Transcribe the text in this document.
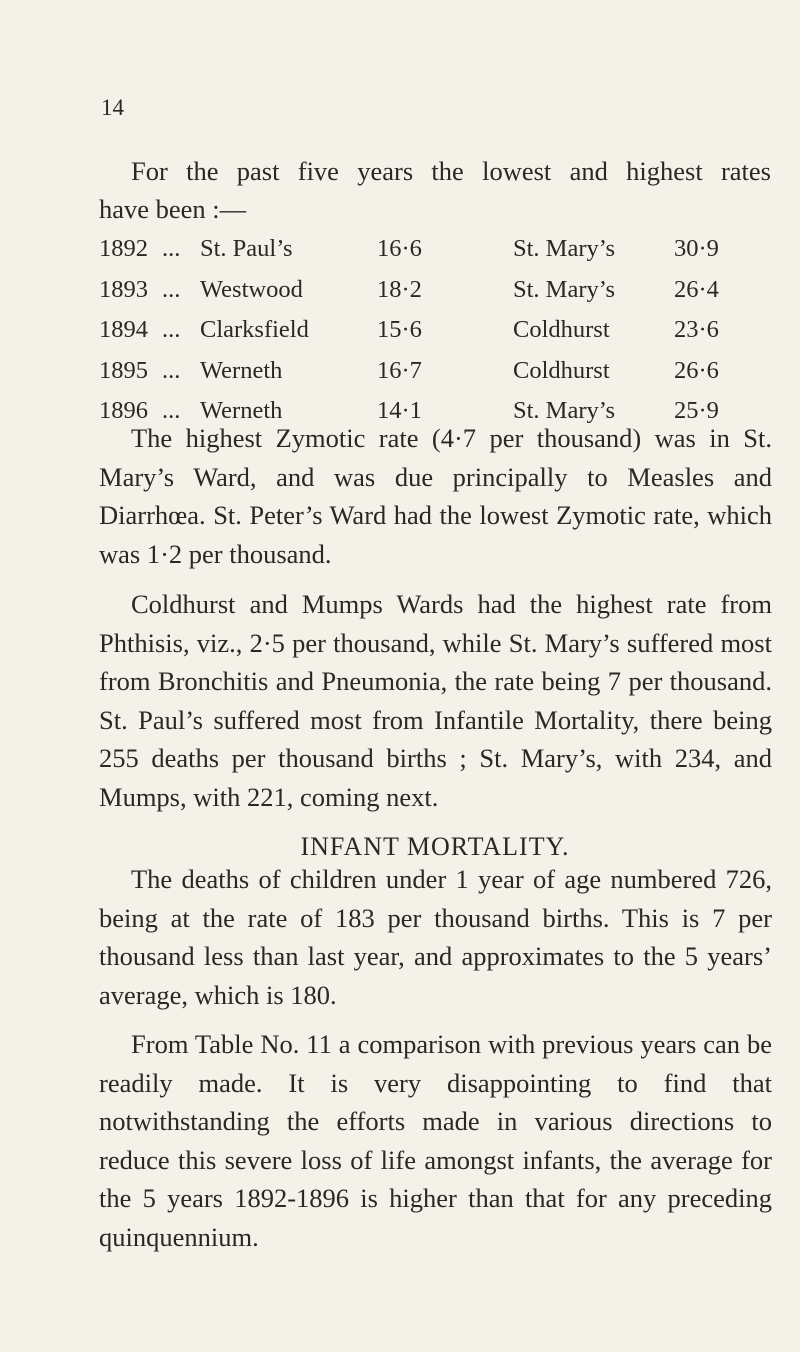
14
For the past five years the lowest and highest rates
have been :—
1892 ... St. Paul’s	16·6	St. Mary’s 30·9
1893 ... Westwood	18·2	St. Mary’s 26·4
1894 ... Clarksfield	15·6	Coldhurst	23·6
1895 ... Werneth	16·7	Coldhurst	26·6
1896 ... Werneth	14·1	St. Mary’s 25·9

The highest Zymotic rate (4·7 per thousand) was in St. Mary’s Ward, and was due principally to Measles and Diarrhœa. St. Peter’s Ward had the lowest Zymotic rate, which was 1·2 per thousand.

Coldhurst and Mumps Wards had the highest rate from Phthisis, viz., 2·5 per thousand, while St. Mary’s suffered most from Bronchitis and Pneumonia, the rate being 7 per thousand. St. Paul’s suffered most from Infantile Mortality, there being 255 deaths per thousand births ; St. Mary’s, with 234, and Mumps, with 221, coming next.

INFANT MORTALITY.

The deaths of children under 1 year of age numbered 726, being at the rate of 183 per thousand births. This is 7 per thousand less than last year, and approximates to the 5 years’ average, which is 180.

From Table No. 11 a comparison with previous years can be readily made. It is very disappointing to find that notwithstanding the efforts made in various directions to reduce this severe loss of life amongst infants, the average for the 5 years 1892-1896 is higher than that for any preceding quinquennium.
